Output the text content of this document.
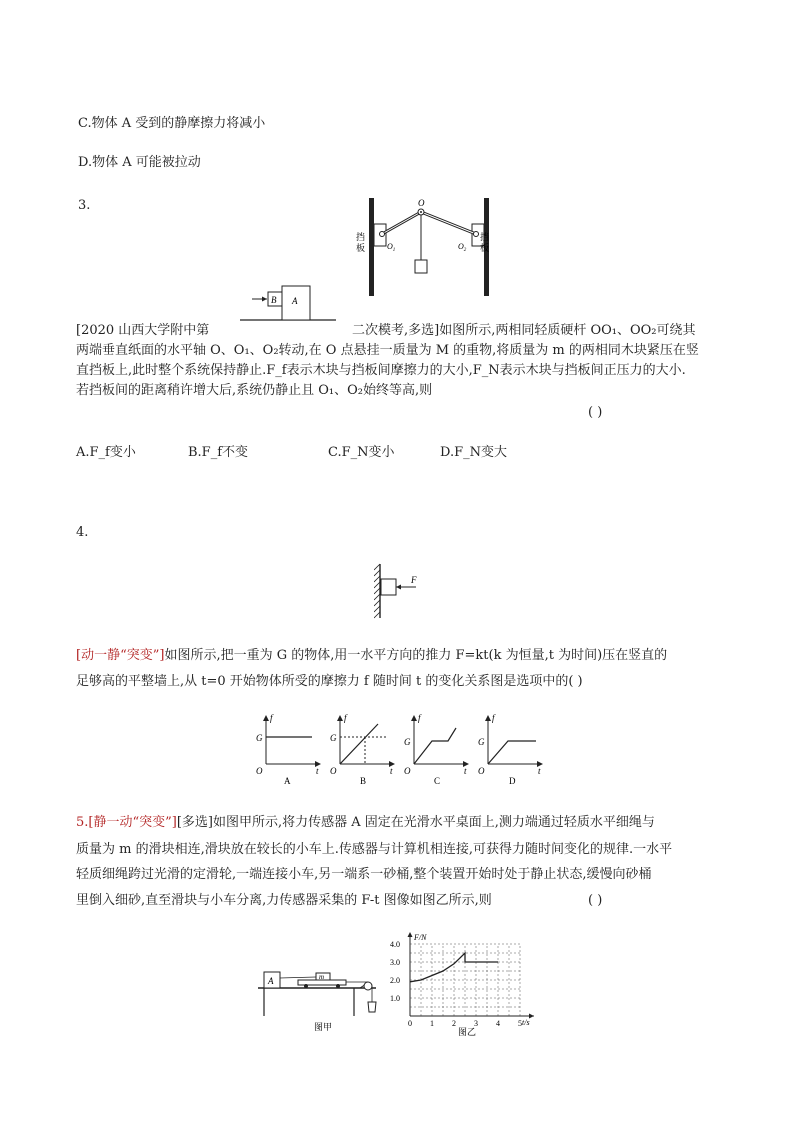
C.物体 A 受到的静摩擦力将减小
D.物体 A 可能被拉动
3.	O
$O_1$	$O_2$
挡
板
挡
板
B A
[2020 山西大学附中第	二次模考,多选]如图所示,两相同轻质硬杆 OO₁、OO₂可绕其
两端垂直纸面的水平轴 O、O₁、O₂转动,在 O 点悬挂一质量为 M 的重物,将质量为 m 的两相同木块紧压在竖
直挡板上,此时整个系统保持静止.F_f表示木块与挡板间摩擦力的大小,F_N表示木块与挡板间正压力的大小.
若挡板间的距离稍许增大后,系统仍静止且 O₁、O₂始终等高,则
( )
A.F_f变小	B.F_f不变	C.F_N变小	D.F_N变大
4.
F
[动一静“突变”]如图所示,把一重为 G 的物体,用一水平方向的推力 F=kt(k 为恒量,t 为时间)压在竖直的
足够高的平整墙上,从 t=0 开始物体所受的摩擦力 f 随时间 t 的变化关系图是选项中的( )
f
G
O	t
A
f
G
O	t
B
f
G
O	t
C
f
G
O	t
D
5.[静一动“突变”][多选]如图甲所示,将力传感器 A 固定在光滑水平桌面上,测力端通过轻质水平细绳与
质量为 m 的滑块相连,滑块放在较长的小车上.传感器与计算机相连接,可获得力随时间变化的规律.一水平
轻质细绳跨过光滑的定滑轮,一端连接小车,另一端系一砂桶,整个装置开始时处于静止状态,缓慢向砂桶
里倒入细砂,直至滑块与小车分离,力传感器采集的 F-t 图像如图乙所示,则	( )
A	m
图甲
4.0
3.0
2.0
1.0
0 1 2 3 4 5
F/N
t/s
图乙
